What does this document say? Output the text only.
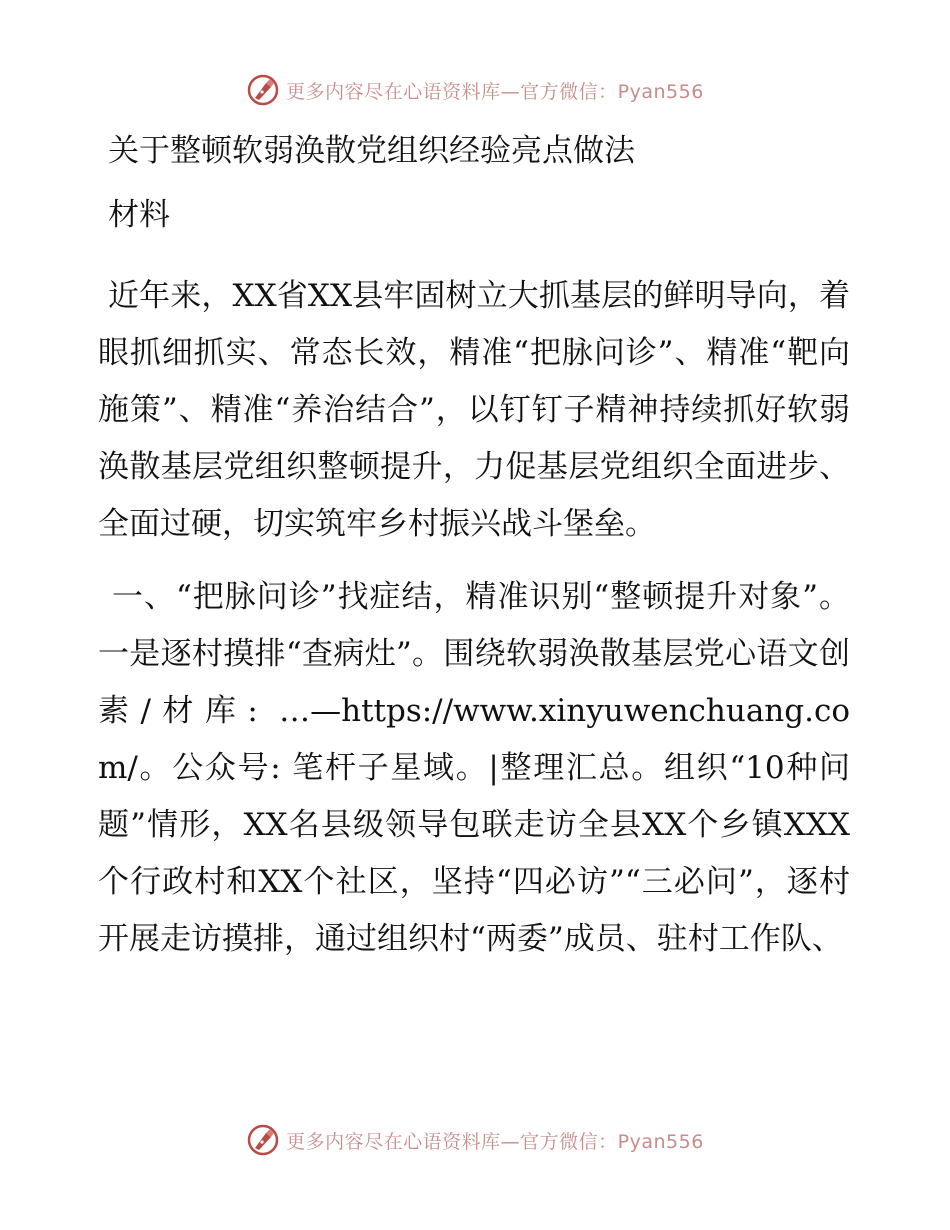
更多内容尽在心语资料库—官方微信：Pyan556
关于整顿软弱涣散党组织经验亮点做法
材料
近年来，XX省XX县牢固树立大抓基层的鲜明导向，着眼抓细抓实、常态长效，精准“把脉问诊”、精准“靶向施策”、精准“养治结合”，以钉钉子精神持续抓好软弱涣散基层党组织整顿提升，力促基层党组织全面进步、全面过硬，切实筑牢乡村振兴战斗堡垒。
一、“把脉问诊”找症结，精准识别“整顿提升对象”。一是逐村摸排“查病灶”。围绕软弱涣散基层党心语文创素/材库: …—https://www.xinyuwenchuang.com/。公众号: 笔杆子星域。|整理汇总。组织“10种问题”情形，XX名县级领导包联走访全县XX个乡镇XXX个行政村和XX个社区，坚持“四必访”“三必问”，逐村开展走访摸排，通过组织村“两委”成员、驻村工作队、
更多内容尽在心语资料库—官方微信：Pyan556
